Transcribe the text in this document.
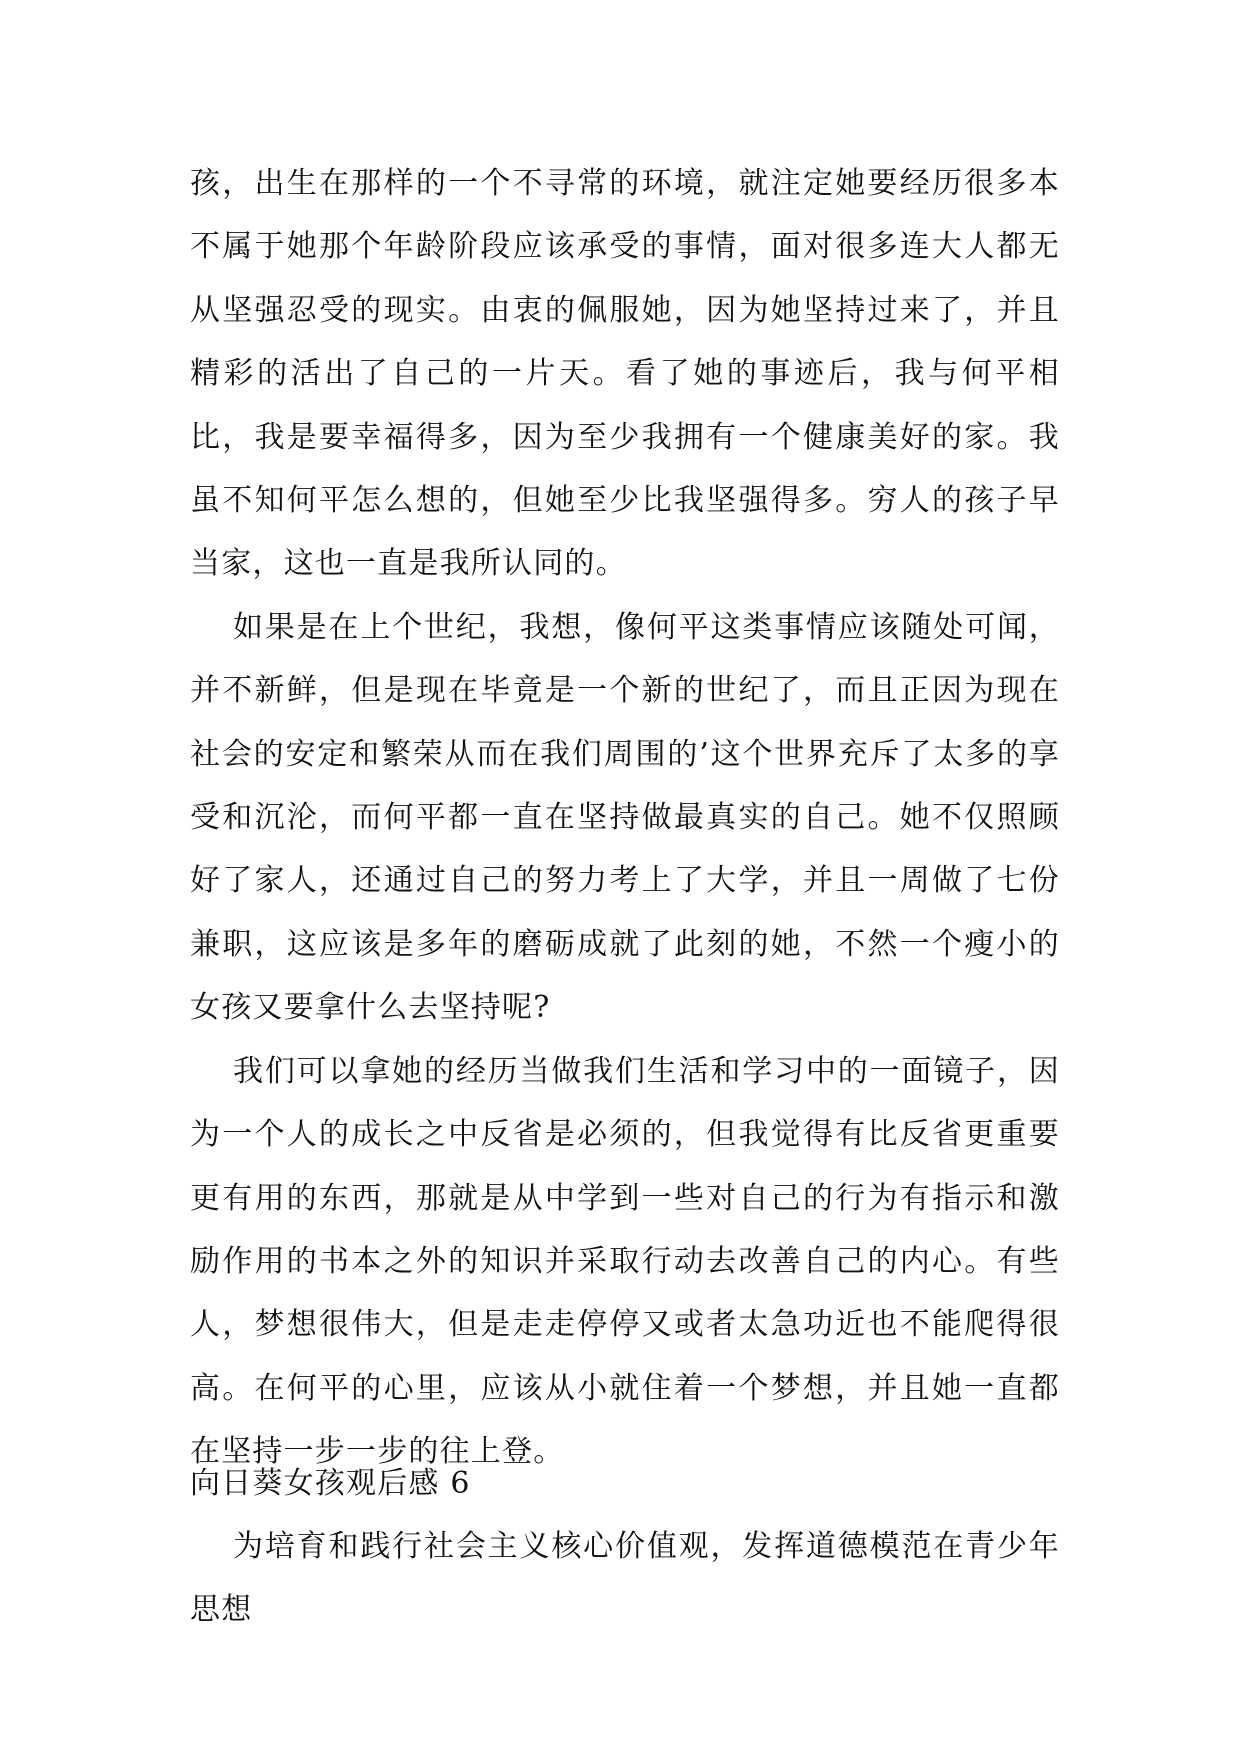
孩，出生在那样的一个不寻常的环境，就注定她要经历很多本不属于她那个年龄阶段应该承受的事情，面对很多连大人都无从坚强忍受的现实。由衷的佩服她，因为她坚持过来了，并且精彩的活出了自己的一片天。看了她的事迹后，我与何平相比，我是要幸福得多，因为至少我拥有一个健康美好的家。我虽不知何平怎么想的，但她至少比我坚强得多。穷人的孩子早当家，这也一直是我所认同的。

如果是在上个世纪，我想，像何平这类事情应该随处可闻，并不新鲜，但是现在毕竟是一个新的世纪了，而且正因为现在社会的安定和繁荣从而在我们周围的’这个世界充斥了太多的享受和沉沦，而何平都一直在坚持做最真实的自己。她不仅照顾好了家人，还通过自己的努力考上了大学，并且一周做了七份兼职，这应该是多年的磨砺成就了此刻的她，不然一个瘦小的女孩又要拿什么去坚持呢?

我们可以拿她的经历当做我们生活和学习中的一面镜子，因为一个人的成长之中反省是必须的，但我觉得有比反省更重要更有用的东西，那就是从中学到一些对自己的行为有指示和激励作用的书本之外的知识并采取行动去改善自己的内心。有些人，梦想很伟大，但是走走停停又或者太急功近也不能爬得很高。在何平的心里，应该从小就住着一个梦想，并且她一直都在坚持一步一步的往上登。

向日葵女孩观后感 6

为培育和践行社会主义核心价值观，发挥道德模范在青少年思想
